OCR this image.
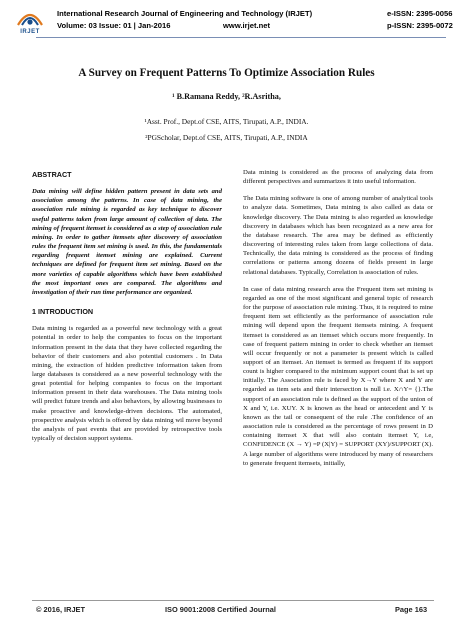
IRJET
International Research Journal of Engineering and Technology (IRJET)	e-ISSN: 2395-0056
Volume: 03 Issue: 01 | Jan-2016	www.irjet.net	p-ISSN: 2395-0072
A Survey on Frequent Patterns To Optimize Association Rules
¹ B.Ramana Reddy, ²R.Asritha,
¹Asst. Prof., Dept.of CSE, AITS, Tirupati, A.P., INDIA.
²PGScholar, Dept.of CSE, AITS, Tirupati, A.P., INDIA
ABSTRACT
Data mining will define hidden pattern present in data sets and association among the patterns. In case of data mining, the association rule mining is regarded as key technique to discover useful patterns taken from large amount of collection of data. The mining of frequent itemset is considered as a step of association rule mining. In order to gather itemsets after discovery of association rules the frequent item set mining is used. In this, the fundamentals regarding frequent itemset mining are explained. Current techniques are defined for frequent item set mining. Based on the more varieties of capable algorithms which have been established the most important ones are compared. The algorithms and investigation of their run time performance are organized.
1 INTRODUCTION
Data mining is regarded as a powerful new technology with a great potential in order to help the companies to focus on the important information present in the data that they have collected regarding the behavior of their customers and also potential customers . In Data mining, the extraction of hidden predictive information taken from large databases is considered as a new powerful technology with the great potential for helping companies to focus on the important information present in their data warehouses. The Data mining tools will predict future trends and also behaviors, by allowing businesses to make proactive and knowledge-driven decisions. The automated, prospective analysis which is offered by data mining wil move beyond the analysis of past events that are provided by retrospective tools typically of decision support systems.
Data mining is considered as the process of analyzing data from different perspectives and summarizes it into useful information.
The Data mining software is one of among number of analytical tools to analyze data. Sometimes, Data mining is also called as data or knowledge discovery. The Data mining is also regarded as knowledge discovery in databases which has been recognized as a new area for the database research. The area may be defined as efficiently discovering of interesting rules taken from large collections of data. Technically, the data mining is considered as the process of finding correlations or patterns among dozens of fields present in large relational databases. Typically, Correlation is association of rules.
In case of data mining research area the Frequent item set mining is regarded as one of the most significant and general topic of research for the purpose of association rule mining. Thus, it is required to mine frequent item set efficiently as the performance of association rule mining will depend upon the frequent itemsets mining. A frequent itemset is considered as an itemset which occurs more frequently. In case of frequent pattern mining in order to check whether an itemset will occur frequently or not a parameter is present which is called support of an itemset. An itemset is termed as frequent if its support count is higher compared to the minimum support count that is set up initially. The Association rule is faced by X→Y where X and Y are regarded as item sets and their intersection is null i.e. X∩Y= {}.The support of an association rule is defined as the support of the union of X and Y, i.e. XUY. X is known as the head or antecedent and Y is known as the tail or consequent of the rule .The confidence of an association rule is considered as the percentage of rows present in D containing itemset X that will also contain itemset Y, i.e, CONFIDENCE (X → Y) =P (X|Y) = SUPPORT (XY)/SUPPORT (X). A large number of algorithms were introduced by many of researchers to generate frequent itemsets, initially,
© 2016, IRJET	ISO 9001:2008 Certified Journal	Page 163
